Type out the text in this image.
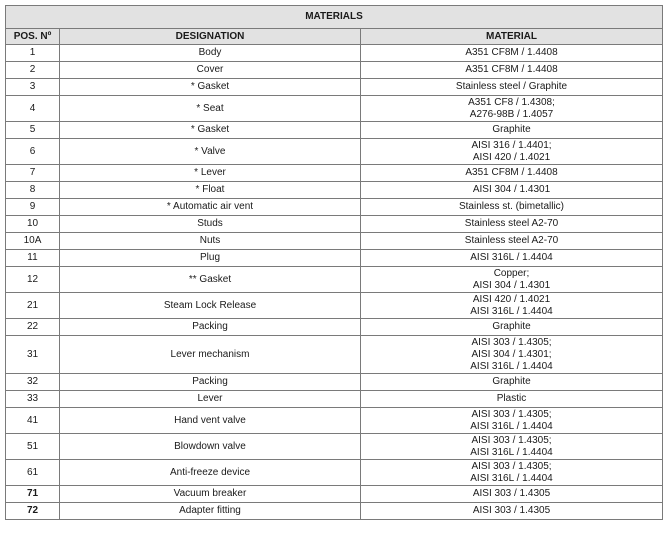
MATERIALS		
POS. Nº	DESIGNATION	MATERIAL
1	Body	A351 CF8M / 1.4408
2	Cover	A351 CF8M / 1.4408
3	* Gasket	Stainless steel / Graphite
4	* Seat	A351 CF8 / 1.4308;
A276-98B / 1.4057
5	* Gasket	Graphite
6	* Valve	AISI 316 / 1.4401;
AISI 420 / 1.4021
7	* Lever	A351 CF8M / 1.4408
8	* Float	AISI 304 / 1.4301
9	* Automatic air vent	Stainless st. (bimetallic)
10	Studs	Stainless steel A2-70
10A	Nuts	Stainless steel A2-70
11	Plug	AISI 316L / 1.4404
12	** Gasket	Copper;
AISI 304 / 1.4301
21	Steam Lock Release	AISI 420 / 1.4021
AISI 316L / 1.4404
22	Packing	Graphite
31	Lever mechanism	AISI 303 / 1.4305;
AISI 304 / 1.4301;
AISI 316L / 1.4404
32	Packing	Graphite
33	Lever	Plastic
41	Hand vent valve	AISI 303 / 1.4305;
AISI 316L / 1.4404
51	Blowdown valve	AISI 303 / 1.4305;
AISI 316L / 1.4404
61	Anti-freeze device	AISI 303 / 1.4305;
AISI 316L / 1.4404
71	Vacuum breaker	AISI 303 / 1.4305
72	Adapter fitting	AISI 303 / 1.4305
